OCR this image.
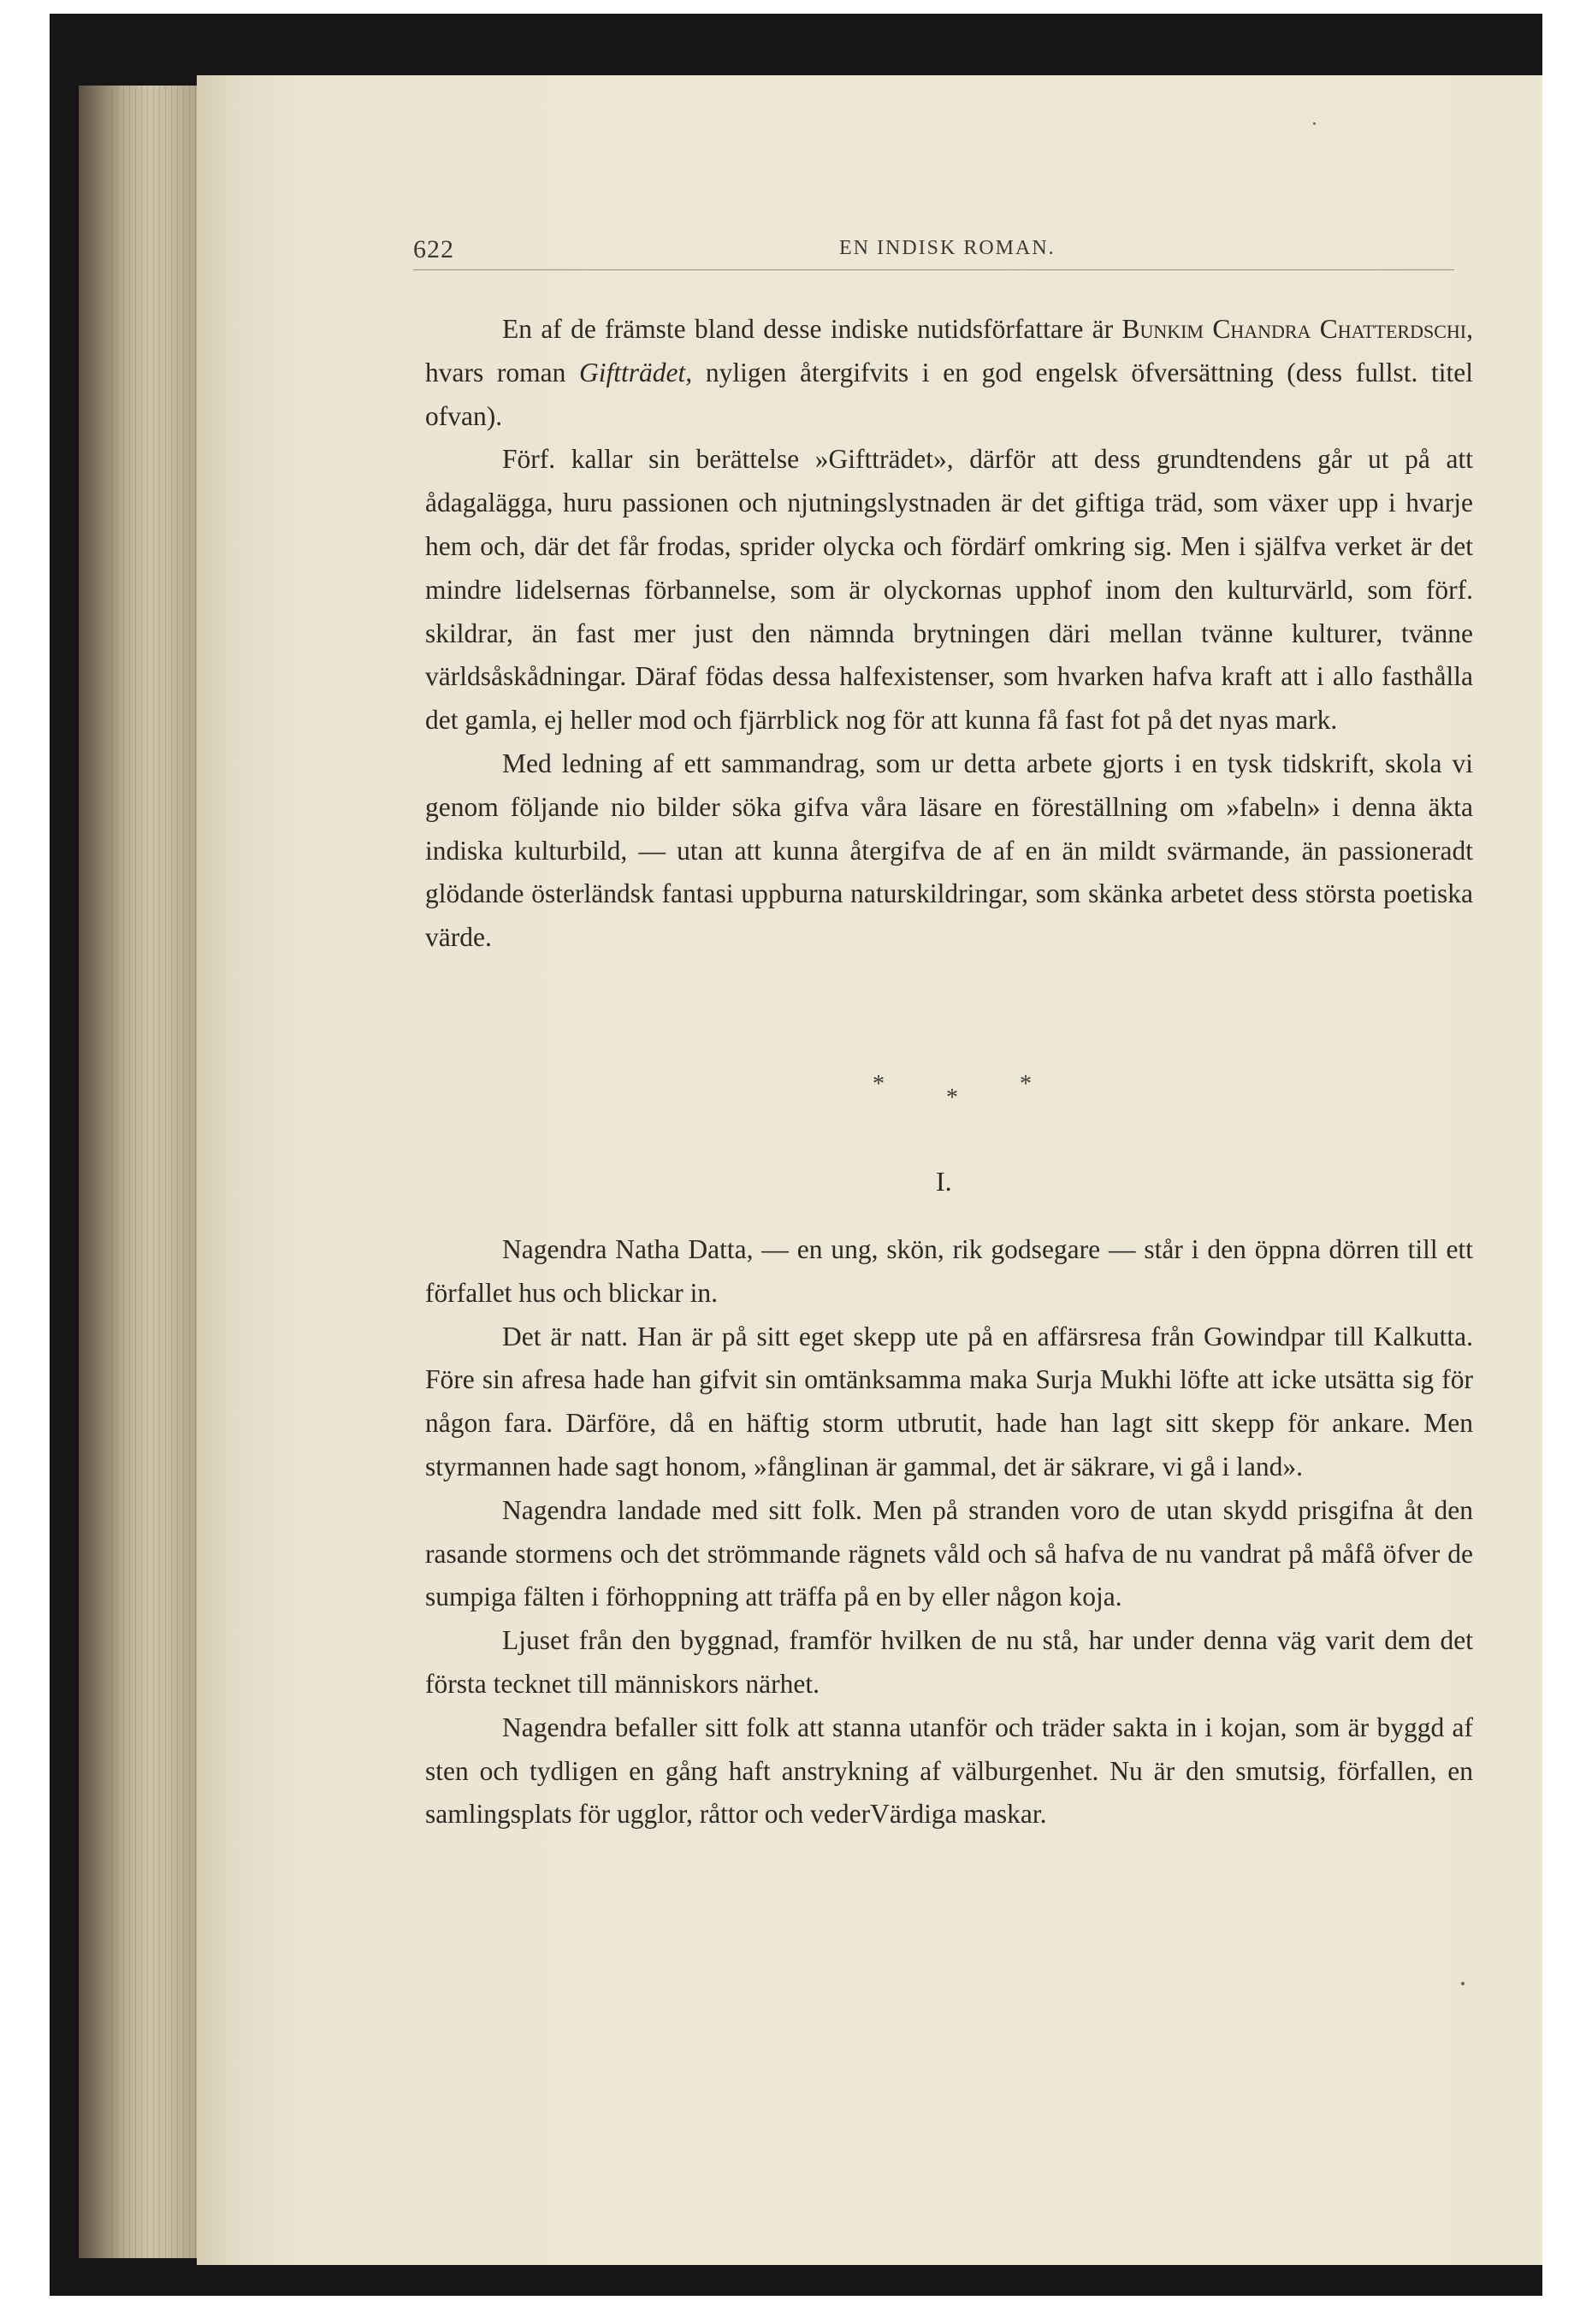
622	EN INDISK ROMAN.

En af de främste bland desse indiske nutidsförfattare är Bunkim Chandra Chatterdschi, hvars roman Giftträdet, nyligen återgifvits i en god engelsk öfversättning (dess fullst. titel ofvan).

Förf. kallar sin berättelse »Giftträdet», därför att dess grundtendens går ut på att ådagalägga, huru passionen och njutningslystnaden är det giftiga träd, som växer upp i hvarje hem och, där det får frodas, sprider olycka och fördärf omkring sig. Men i själfva verket är det mindre lidelsernas förbannelse, som är olyckornas upphof inom den kulturvärld, som förf. skildrar, än fast mer just den nämnda brytningen däri mellan tvänne kulturer, tvänne världsåskådningar. Däraf födas dessa halfexistenser, som hvarken hafva kraft att i allo fasthålla det gamla, ej heller mod och fjärrblick nog för att kunna få fast fot på det nyas mark.

Med ledning af ett sammandrag, som ur detta arbete gjorts i en tysk tidskrift, skola vi genom följande nio bilder söka gifva våra läsare en föreställning om »fabeln» i denna äkta indiska kulturbild, — utan att kunna återgifva de af en än mildt svärmande, än passioneradt glödande österländsk fantasi uppburna naturskildringar, som skänka arbetet dess största poetiska värde.

*
*
*
I.

Nagendra Natha Datta, — en ung, skön, rik godsegare — står i den öppna dörren till ett förfallet hus och blickar in.

Det är natt. Han är på sitt eget skepp ute på en affärsresa från Gowindpar till Kalkutta. Före sin afresa hade han gifvit sin omtänksamma maka Surja Mukhi löfte att icke utsätta sig för någon fara. Därföre, då en häftig storm utbrutit, hade han lagt sitt skepp för ankare. Men styrmannen hade sagt honom, »fånglinan är gammal, det är säkrare, vi gå i land».

Nagendra landade med sitt folk. Men på stranden voro de utan skydd prisgifna åt den rasande stormens och det strömmande rägnets våld och så hafva de nu vandrat på måfå öfver de sumpiga fälten i förhoppning att träffa på en by eller någon koja.

Ljuset från den byggnad, framför hvilken de nu stå, har under denna väg varit dem det första tecknet till människors närhet.

Nagendra befaller sitt folk att stanna utanför och träder sakta in i kojan, som är byggd af sten och tydligen en gång haft anstrykning af välburgenhet. Nu är den smutsig, förfallen, en samlingsplats för ugglor, råttor och vederVärdiga maskar.
